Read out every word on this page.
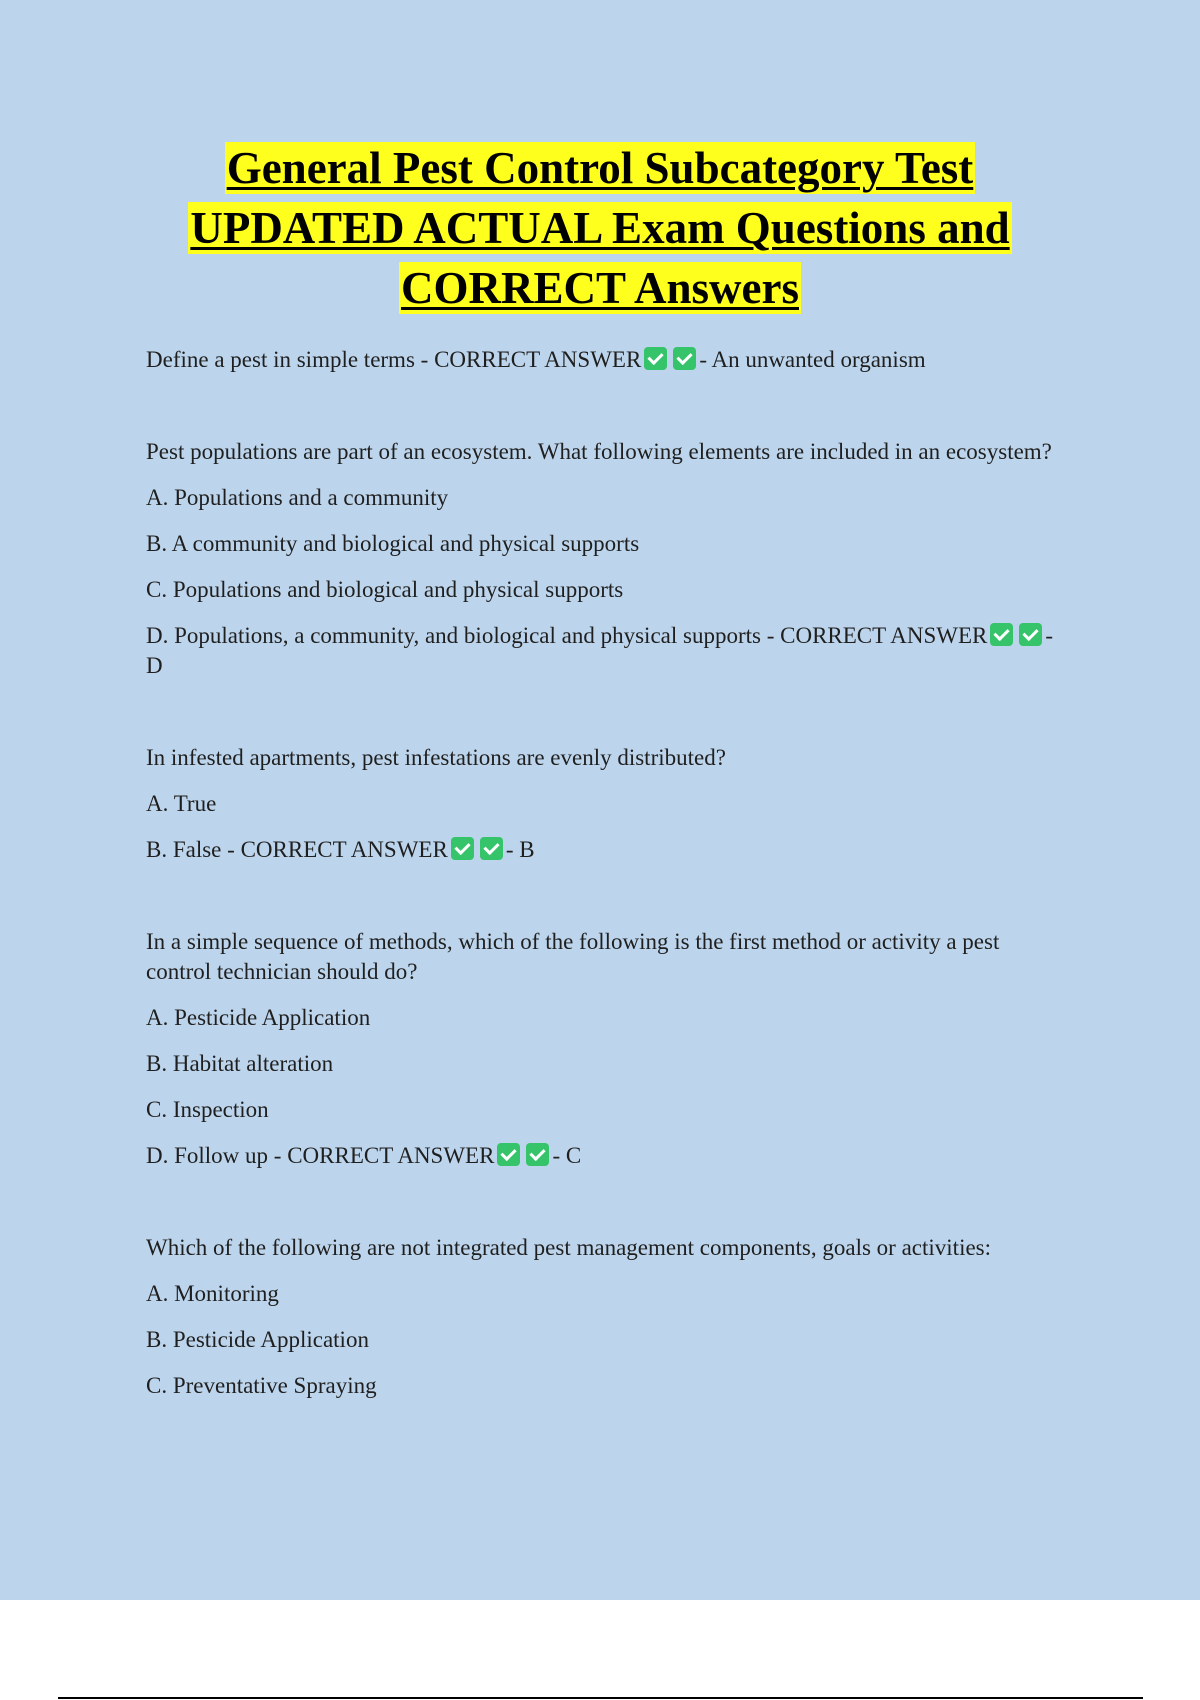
General Pest Control Subcategory Test
UPDATED ACTUAL Exam Questions and
CORRECT Answers

Define a pest in simple terms - CORRECT ANSWER	- An unwanted organism

Pest populations are part of an ecosystem. What following elements are included in an ecosystem?

A. Populations and a community

B. A community and biological and physical supports

C. Populations and biological and physical supports

D. Populations, a community, and biological and physical supports - CORRECT ANSWER	- D

In infested apartments, pest infestations are evenly distributed?

A. True

B. False - CORRECT ANSWER	- B

In a simple sequence of methods, which of the following is the first method or activity a pest control technician should do?

A. Pesticide Application

B. Habitat alteration

C. Inspection

D. Follow up - CORRECT ANSWER	- C

Which of the following are not integrated pest management components, goals or activities:

A. Monitoring

B. Pesticide Application

C. Preventative Spraying
